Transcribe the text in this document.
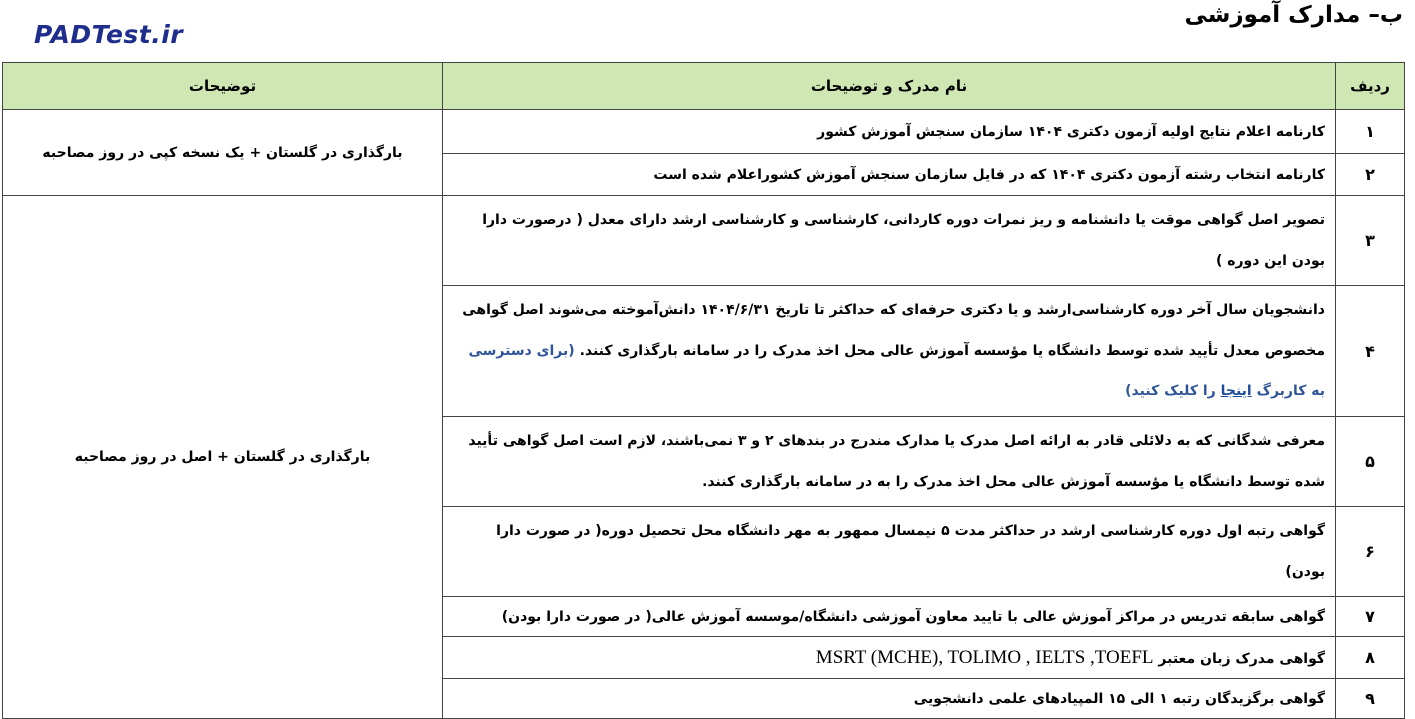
PADTest.ir
ب– مدارک آموزشی
ردیف	نام مدرک و توضیحات	توضیحات
۱	کارنامه اعلام نتایج اولیه آزمون دکتری ۱۴۰۴ سازمان سنجش آموزش کشور	بارگذاری در گلستان + یک نسخه کپی در روز مصاحبه
۲	کارنامه انتخاب رشته آزمون دکتری ۱۴۰۴ که در فایل سازمان سنجش آموزش کشوراعلام شده است	
۳	تصویر اصل گواهی موقت یا دانشنامه و ریز نمرات دوره کاردانی، کارشناسی و کارشناسی ارشد دارای معدل ( درصورت دارا بودن این دوره )	بارگذاری در گلستان + اصل در روز مصاحبه
۴	دانشجویان سال آخر دوره کارشناسی‌ارشد و یا دکتری حرفه‌ای که حداکثر تا تاریخ ۱۴۰۴/۶/۳۱ دانش‌آموخته می‌شوند اصل گواهی مخصوص معدل تأیید شده توسط دانشگاه یا مؤسسه آموزش عالی محل اخذ مدرک را در سامانه بارگذاری کنند. (برای دسترسی به کاربرگ اینجا را کلیک کنید)	
۵	معرفی شدگانی که به دلائلی قادر به ارائه اصل مدرک یا مدارک مندرج در بندهای ۲ و ۳ نمی‌باشند، لازم است اصل گواهی تأیید شده توسط دانشگاه یا مؤسسه آموزش عالی محل اخذ مدرک را به در سامانه بارگذاری کنند.	
۶	گواهی رتبه اول دوره کارشناسی ارشد در حداکثر مدت ۵ نیمسال ممهور به مهر دانشگاه محل تحصیل دوره( در صورت دارا بودن)	
۷	گواهی سابقه تدریس در مراکز آموزش عالی با تایید معاون آموزشی دانشگاه/موسسه آموزش عالی( در صورت دارا بودن)	
۸	گواهی مدرک زبان معتبر MSRT (MCHE), TOLIMO , IELTS ,TOEFL	
۹	گواهی برگزیدگان رتبه ۱ الی ۱۵ المپیادهای علمی دانشجویی	
